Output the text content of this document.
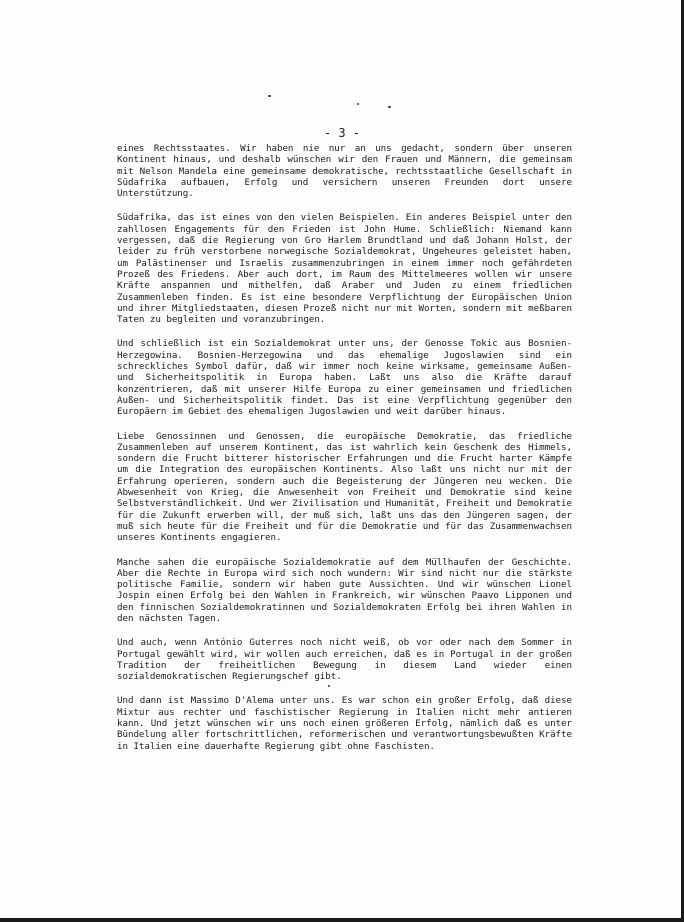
- 3 -

eines Rechtsstaates. Wir haben nie nur an uns gedacht, sondern über unseren Kontinent hinaus, und deshalb wünschen wir den Frauen und Männern, die gemeinsam mit Nelson Mandela eine gemeinsame demokratische, rechtsstaatliche Gesellschaft in Südafrika aufbauen, Erfolg und versichern unseren Freunden dort unsere Unterstützung.

Südafrika, das ist eines von den vielen Beispielen. Ein anderes Beispiel unter den zahllosen Engagements für den Frieden ist John Hume. Schließlich: Niemand kann vergessen, daß die Regierung von Gro Harlem Brundtland und daß Johann Holst, der leider zu früh verstorbene norwegische Sozialdemokrat, Ungeheures geleistet haben, um Palästinenser und Israelis zusammenzubringen in einem immer noch gefährdeten Prozeß des Friedens. Aber auch dort, im Raum des Mittelmeeres wollen wir unsere Kräfte anspannen und mithelfen, daß Araber und Juden zu einem friedlichen Zusammenleben finden. Es ist eine besondere Verpflichtung der Europäischen Union und ihrer Mitgliedstaaten, diesen Prozeß nicht nur mit Worten, sondern mit meßbaren Taten zu begleiten und voranzubringen.

Und schließlich ist ein Sozialdemokrat unter uns, der Genosse Tokic aus Bosnien-Herzegowina. Bosnien-Herzegowina und das ehemalige Jugoslawien sind ein schreckliches Symbol dafür, daß wir immer noch keine wirksame, gemeinsame Außen- und Sicherheitspolitik in Europa haben. Laßt uns also die Kräfte darauf konzentrieren, daß mit unserer Hilfe Europa zu einer gemeinsamen und friedlichen Außen- und Sicherheitspolitik findet. Das ist eine Verpflichtung gegenüber den Europäern im Gebiet des ehemaligen Jugoslawien und weit darüber hinaus.

Liebe Genossinnen und Genossen, die europäische Demokratie, das friedliche Zusammenleben auf unserem Kontinent, das ist wahrlich kein Geschenk des Himmels, sondern die Frucht bitterer historischer Erfahrungen und die Frucht harter Kämpfe um die Integration des europäischen Kontinents. Also laßt uns nicht nur mit der Erfahrung operieren, sondern auch die Begeisterung der Jüngeren neu wecken. Die Abwesenheit von Krieg, die Anwesenheit von Freiheit und Demokratie sind keine Selbstverständlichkeit. Und wer Zivilisation und Humanität, Freiheit und Demokratie für die Zukunft erwerben will, der muß sich, laßt uns das den Jüngeren sagen, der muß sich heute für die Freiheit und für die Demokratie und für das Zusammenwachsen unseres Kontinents engagieren.

Manche sahen die europäische Sozialdemokratie auf dem Müllhaufen der Geschichte. Aber die Rechte in Europa wird sich noch wundern: Wir sind nicht nur die stärkste politische Familie, sondern wir haben gute Aussichten. Und wir wünschen Lionel Jospin einen Erfolg bei den Wahlen in Frankreich, wir wünschen Paavo Lipponen und den finnischen Sozialdemokratinnen und Sozialdemokraten Erfolg bei ihren Wahlen in den nächsten Tagen.

Und auch, wenn António Guterres noch nicht weiß, ob vor oder nach dem Sommer in Portugal gewählt wird, wir wollen auch erreichen, daß es in Portugal in der großen Tradition der freiheitlichen Bewegung in diesem Land wieder einen sozialdemokratischen Regierungschef gibt.

Und dann ist Massimo D'Alema unter uns. Es war schon ein großer Erfolg, daß diese Mixtur aus rechter und faschistischer Regierung in Italien nicht mehr antieren kann. Und jetzt wünschen wir uns noch einen größeren Erfolg, nämlich daß es unter Bündelung aller fortschrittlichen, reformerischen und verantwortungsbewußten Kräfte in Italien eine dauerhafte Regierung gibt ohne Faschisten.
